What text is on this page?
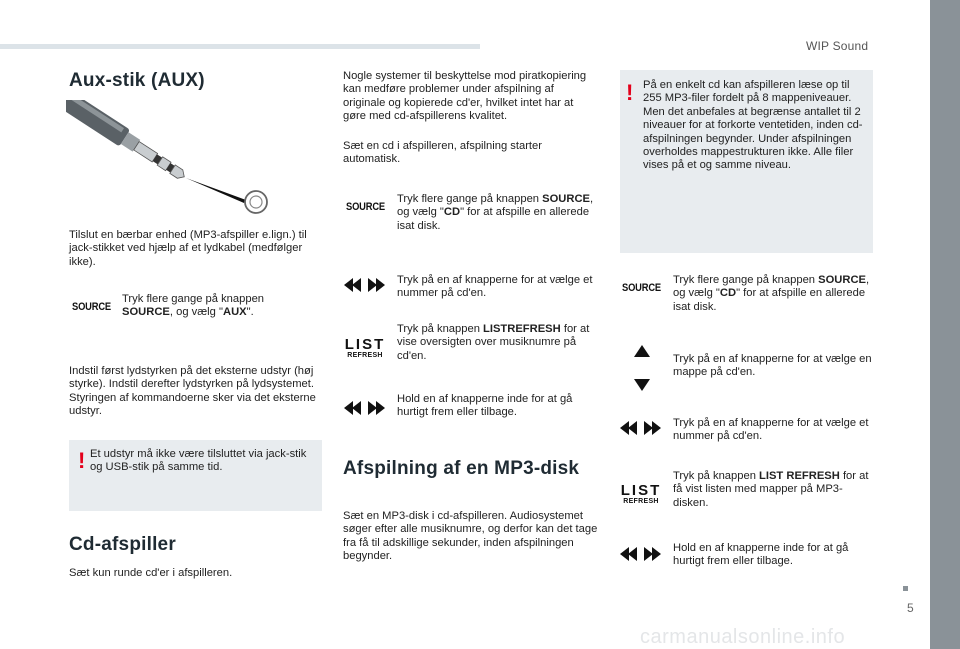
WIP Sound
5
carmanualsonline.info
Aux-stik (AUX)

Tilslut en bærbar enhed (MP3-afspiller e.lign.) til jack-stikket ved hjælp af et lydkabel (medfølger ikke).

SOURCE

Tryk flere gange på knappen SOURCE, og vælg "AUX".

Indstil først lydstyrken på det eksterne udstyr (høj styrke). Indstil derefter lydstyrken på lydsystemet. Styringen af kommandoerne sker via det eksterne udstyr.

! Et udstyr må ikke være tilsluttet via jack-stik og USB-stik på samme tid.

Cd-afspiller

Sæt kun runde cd'er i afspilleren.

Nogle systemer til beskyttelse mod piratkopiering kan medføre problemer under afspilning af originale og kopierede cd'er, hvilket intet har at gøre med cd-afspillerens kvalitet.

Sæt en cd i afspilleren, afspilning starter automatisk.

SOURCE

Tryk flere gange på knappen SOURCE, og vælg "CD" for at afspille en allerede isat disk.

Tryk på en af knapperne for at vælge et nummer på cd'en.

LIST
REFRESH

Tryk på knappen LISTREFRESH for at vise oversigten over musiknumre på cd'en.

Hold en af knapperne inde for at gå hurtigt frem eller tilbage.

Afspilning af en MP3-disk

Sæt en MP3-disk i cd-afspilleren. Audiosystemet søger efter alle musiknumre, og derfor kan det tage fra få til adskillige sekunder, inden afspilningen begynder.

! På en enkelt cd kan afspilleren læse op til 255 MP3-filer fordelt på 8 mappeniveauer. Men det anbefales at begrænse antallet til 2 niveauer for at forkorte ventetiden, inden cd-afspilningen begynder. Under afspilningen overholdes mappestrukturen ikke. Alle filer vises på et og samme niveau.

SOURCE

Tryk flere gange på knappen SOURCE, og vælg "CD" for at afspille en allerede isat disk.

Tryk på en af knapperne for at vælge en mappe på cd'en.

Tryk på en af knapperne for at vælge et nummer på cd'en.

LIST
REFRESH

Tryk på knappen LIST REFRESH for at få vist listen med mapper på MP3-disken.

Hold en af knapperne inde for at gå hurtigt frem eller tilbage.
